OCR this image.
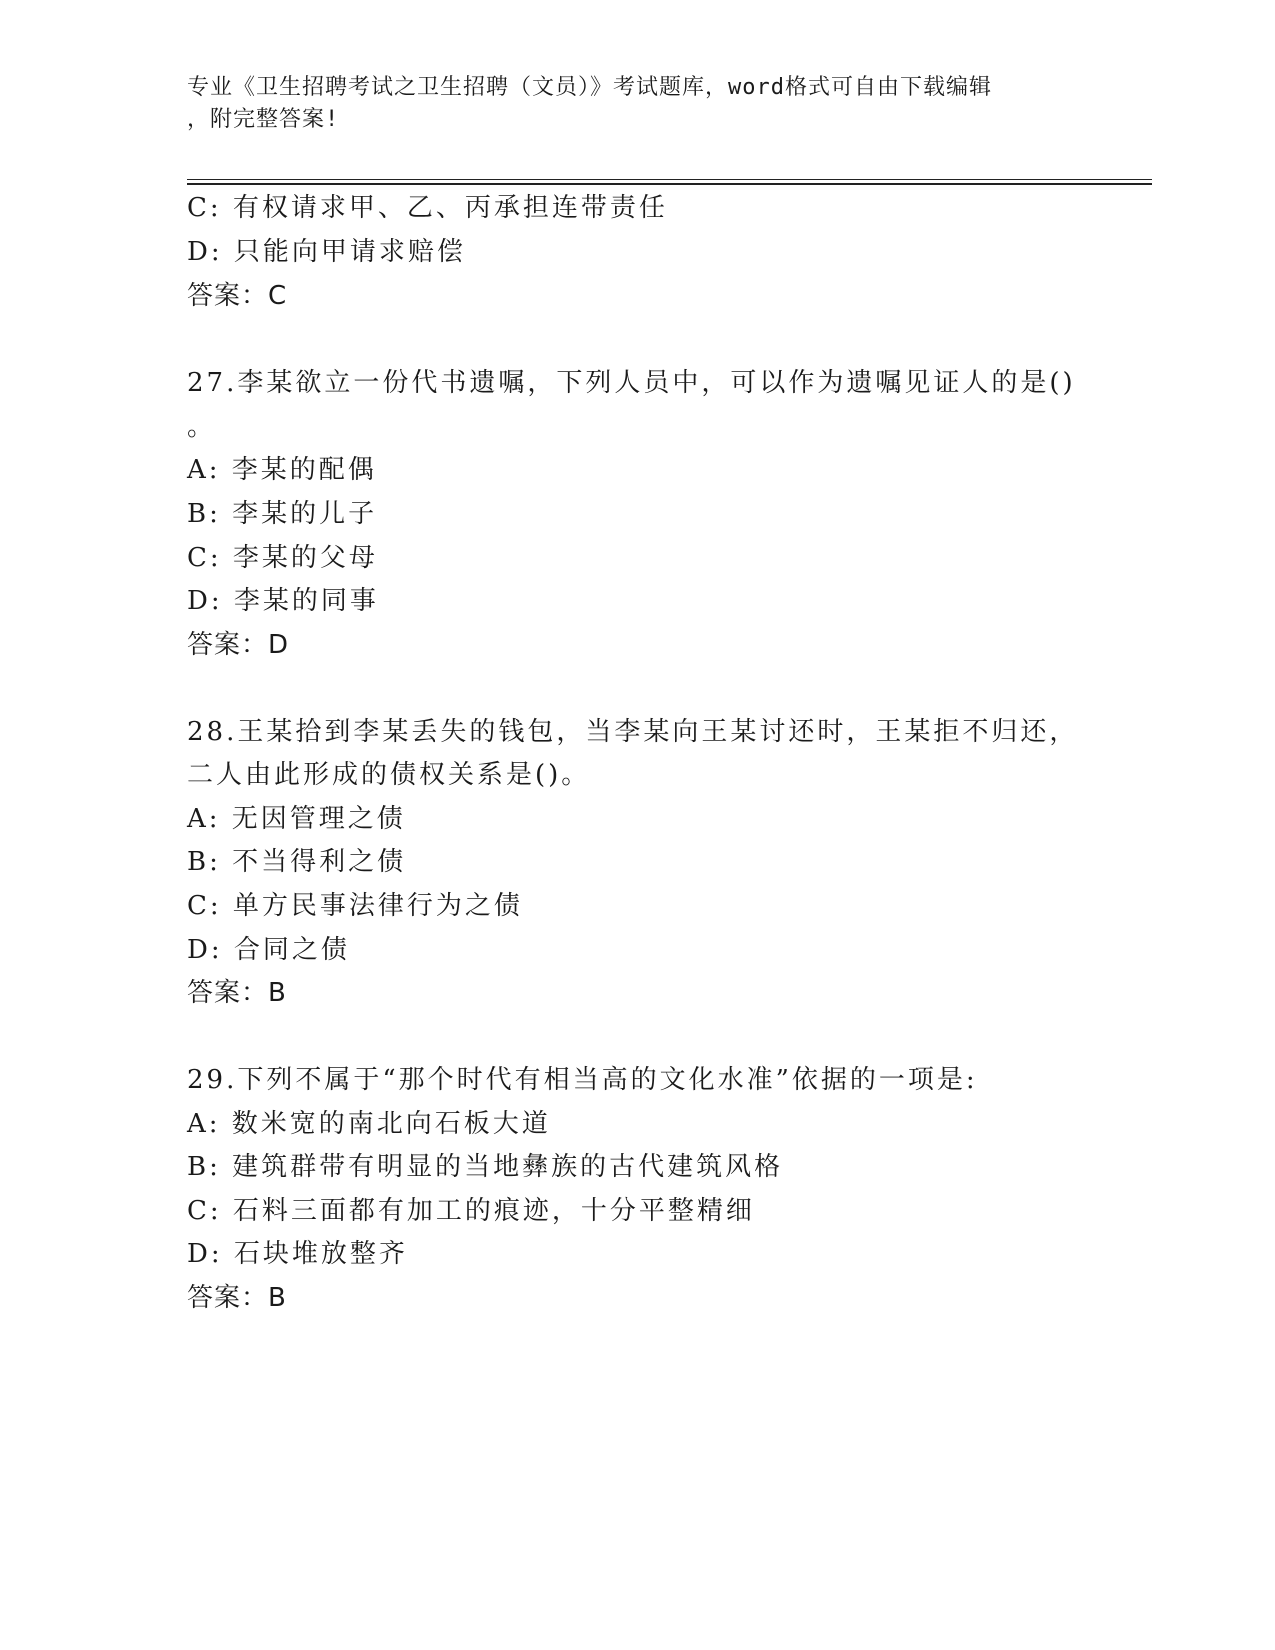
专业《卫生招聘考试之卫生招聘（文员）》考试题库，word格式可自由下载编辑
，附完整答案!
C: 有权请求甲、乙、丙承担连带责任
D: 只能向甲请求赔偿
答案：C
27.李某欲立一份代书遗嘱，下列人员中，可以作为遗嘱见证人的是()
。
A: 李某的配偶
B: 李某的儿子
C: 李某的父母
D: 李某的同事
答案：D
28.王某拾到李某丢失的钱包，当李某向王某讨还时，王某拒不归还，
二人由此形成的债权关系是()。
A: 无因管理之债
B: 不当得利之债
C: 单方民事法律行为之债
D: 合同之债
答案：B
29.下列不属于“那个时代有相当高的文化水准”依据的一项是:
A: 数米宽的南北向石板大道
B: 建筑群带有明显的当地彝族的古代建筑风格
C: 石料三面都有加工的痕迹，十分平整精细
D: 石块堆放整齐
答案：B
